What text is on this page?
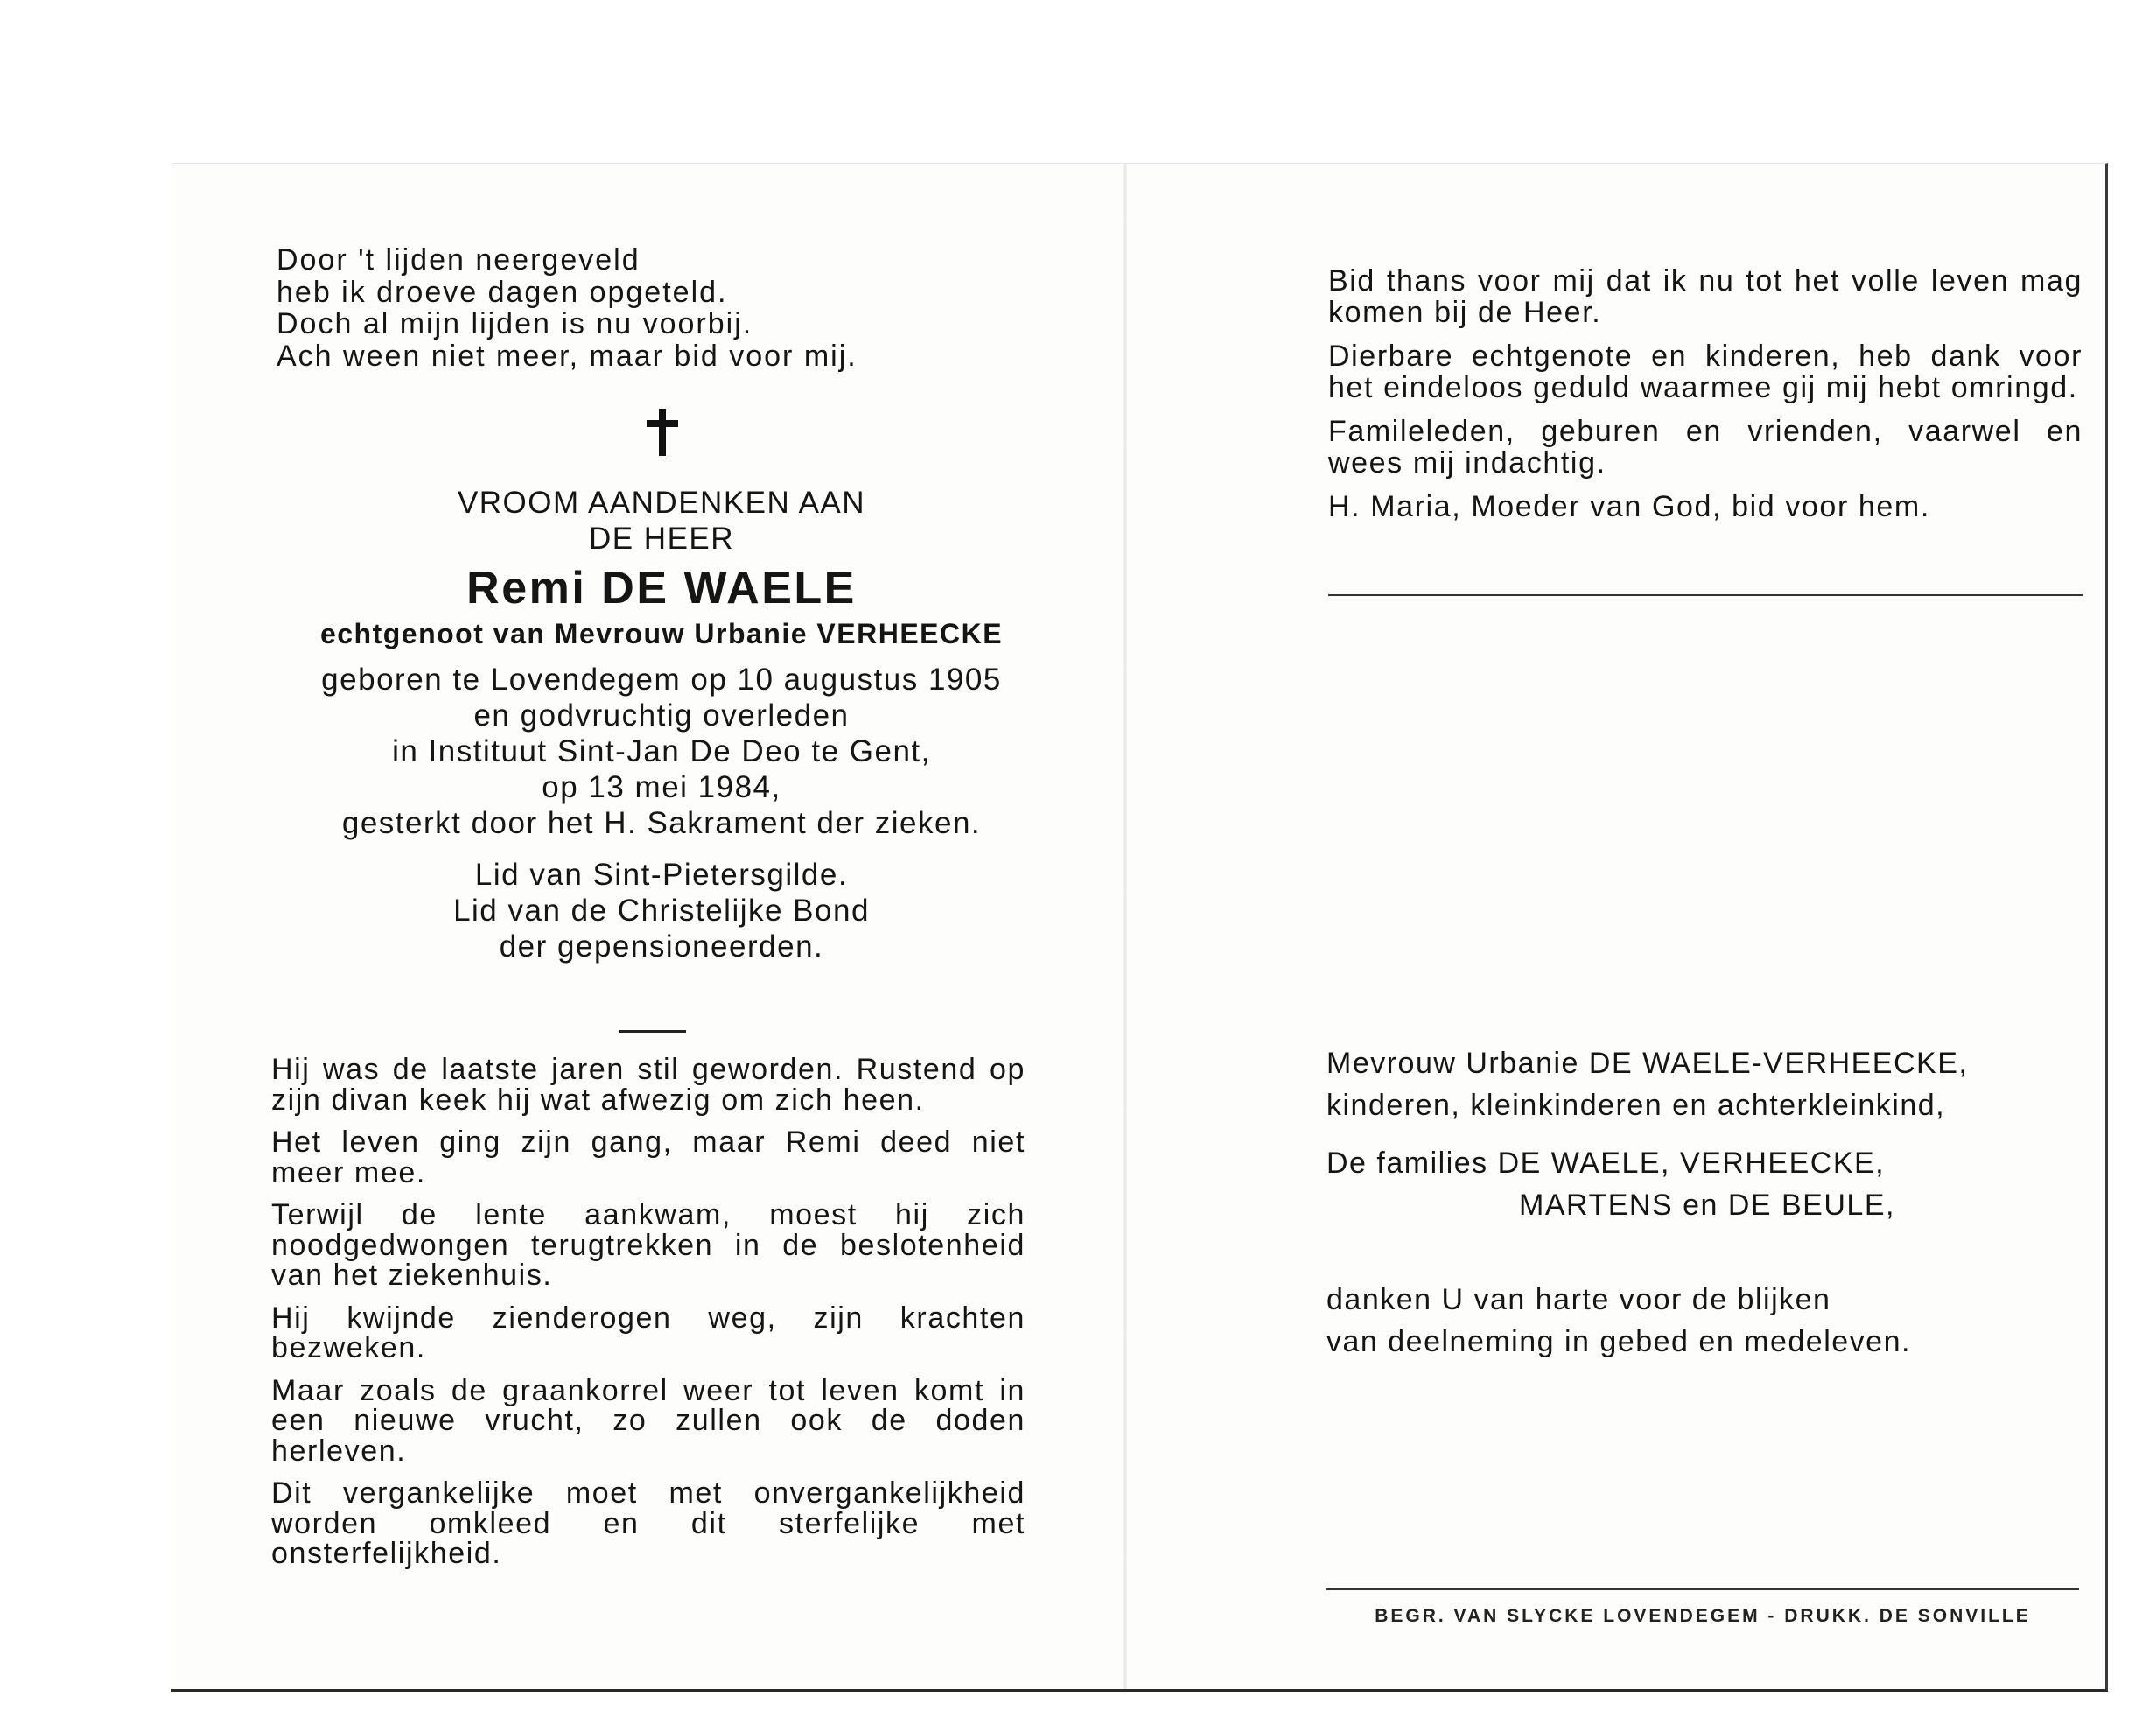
Door 't lijden neergeveld
heb ik droeve dagen opgeteld.
Doch al mijn lijden is nu voorbij.
Ach ween niet meer, maar bid voor mij.
VROOM AANDENKEN AAN
DE HEER
Remi DE WAELE
echtgenoot van Mevrouw Urbanie VERHEECKE
geboren te Lovendegem op 10 augustus 1905
en godvruchtig overleden
in Instituut Sint-Jan De Deo te Gent,
op 13 mei 1984,
gesterkt door het H. Sakrament der zieken.
Lid van Sint-Pietersgilde.
Lid van de Christelijke Bond
der gepensioneerden.

Hij was de laatste jaren stil geworden. Rustend op zijn divan keek hij wat afwezig om zich heen.

Het leven ging zijn gang, maar Remi deed niet meer mee.

Terwijl de lente aankwam, moest hij zich noodgedwongen terugtrekken in de beslotenheid van het ziekenhuis.

Hij kwijnde zienderogen weg, zijn krachten bezweken.

Maar zoals de graankorrel weer tot leven komt in een nieuwe vrucht, zo zullen ook de doden herleven.

Dit vergankelijke moet met onvergankelijkheid worden omkleed en dit sterfelijke met onsterfelijkheid.

Bid thans voor mij dat ik nu tot het volle leven mag komen bij de Heer.

Dierbare echtgenote en kinderen, heb dank voor het eindeloos geduld waarmee gij mij hebt omringd.

Famileleden, geburen en vrienden, vaarwel en wees mij indachtig.

H. Maria, Moeder van God, bid voor hem.

Mevrouw Urbanie DE WAELE-VERHEECKE,
kinderen, kleinkinderen en achterkleinkind,
De families DE WAELE, VERHEECKE,
MARTENS en DE BEULE,
danken U van harte voor de blijken
van deelneming in gebed en medeleven.
BEGR. VAN SLYCKE LOVENDEGEM - DRUKK. DE SONVILLE
